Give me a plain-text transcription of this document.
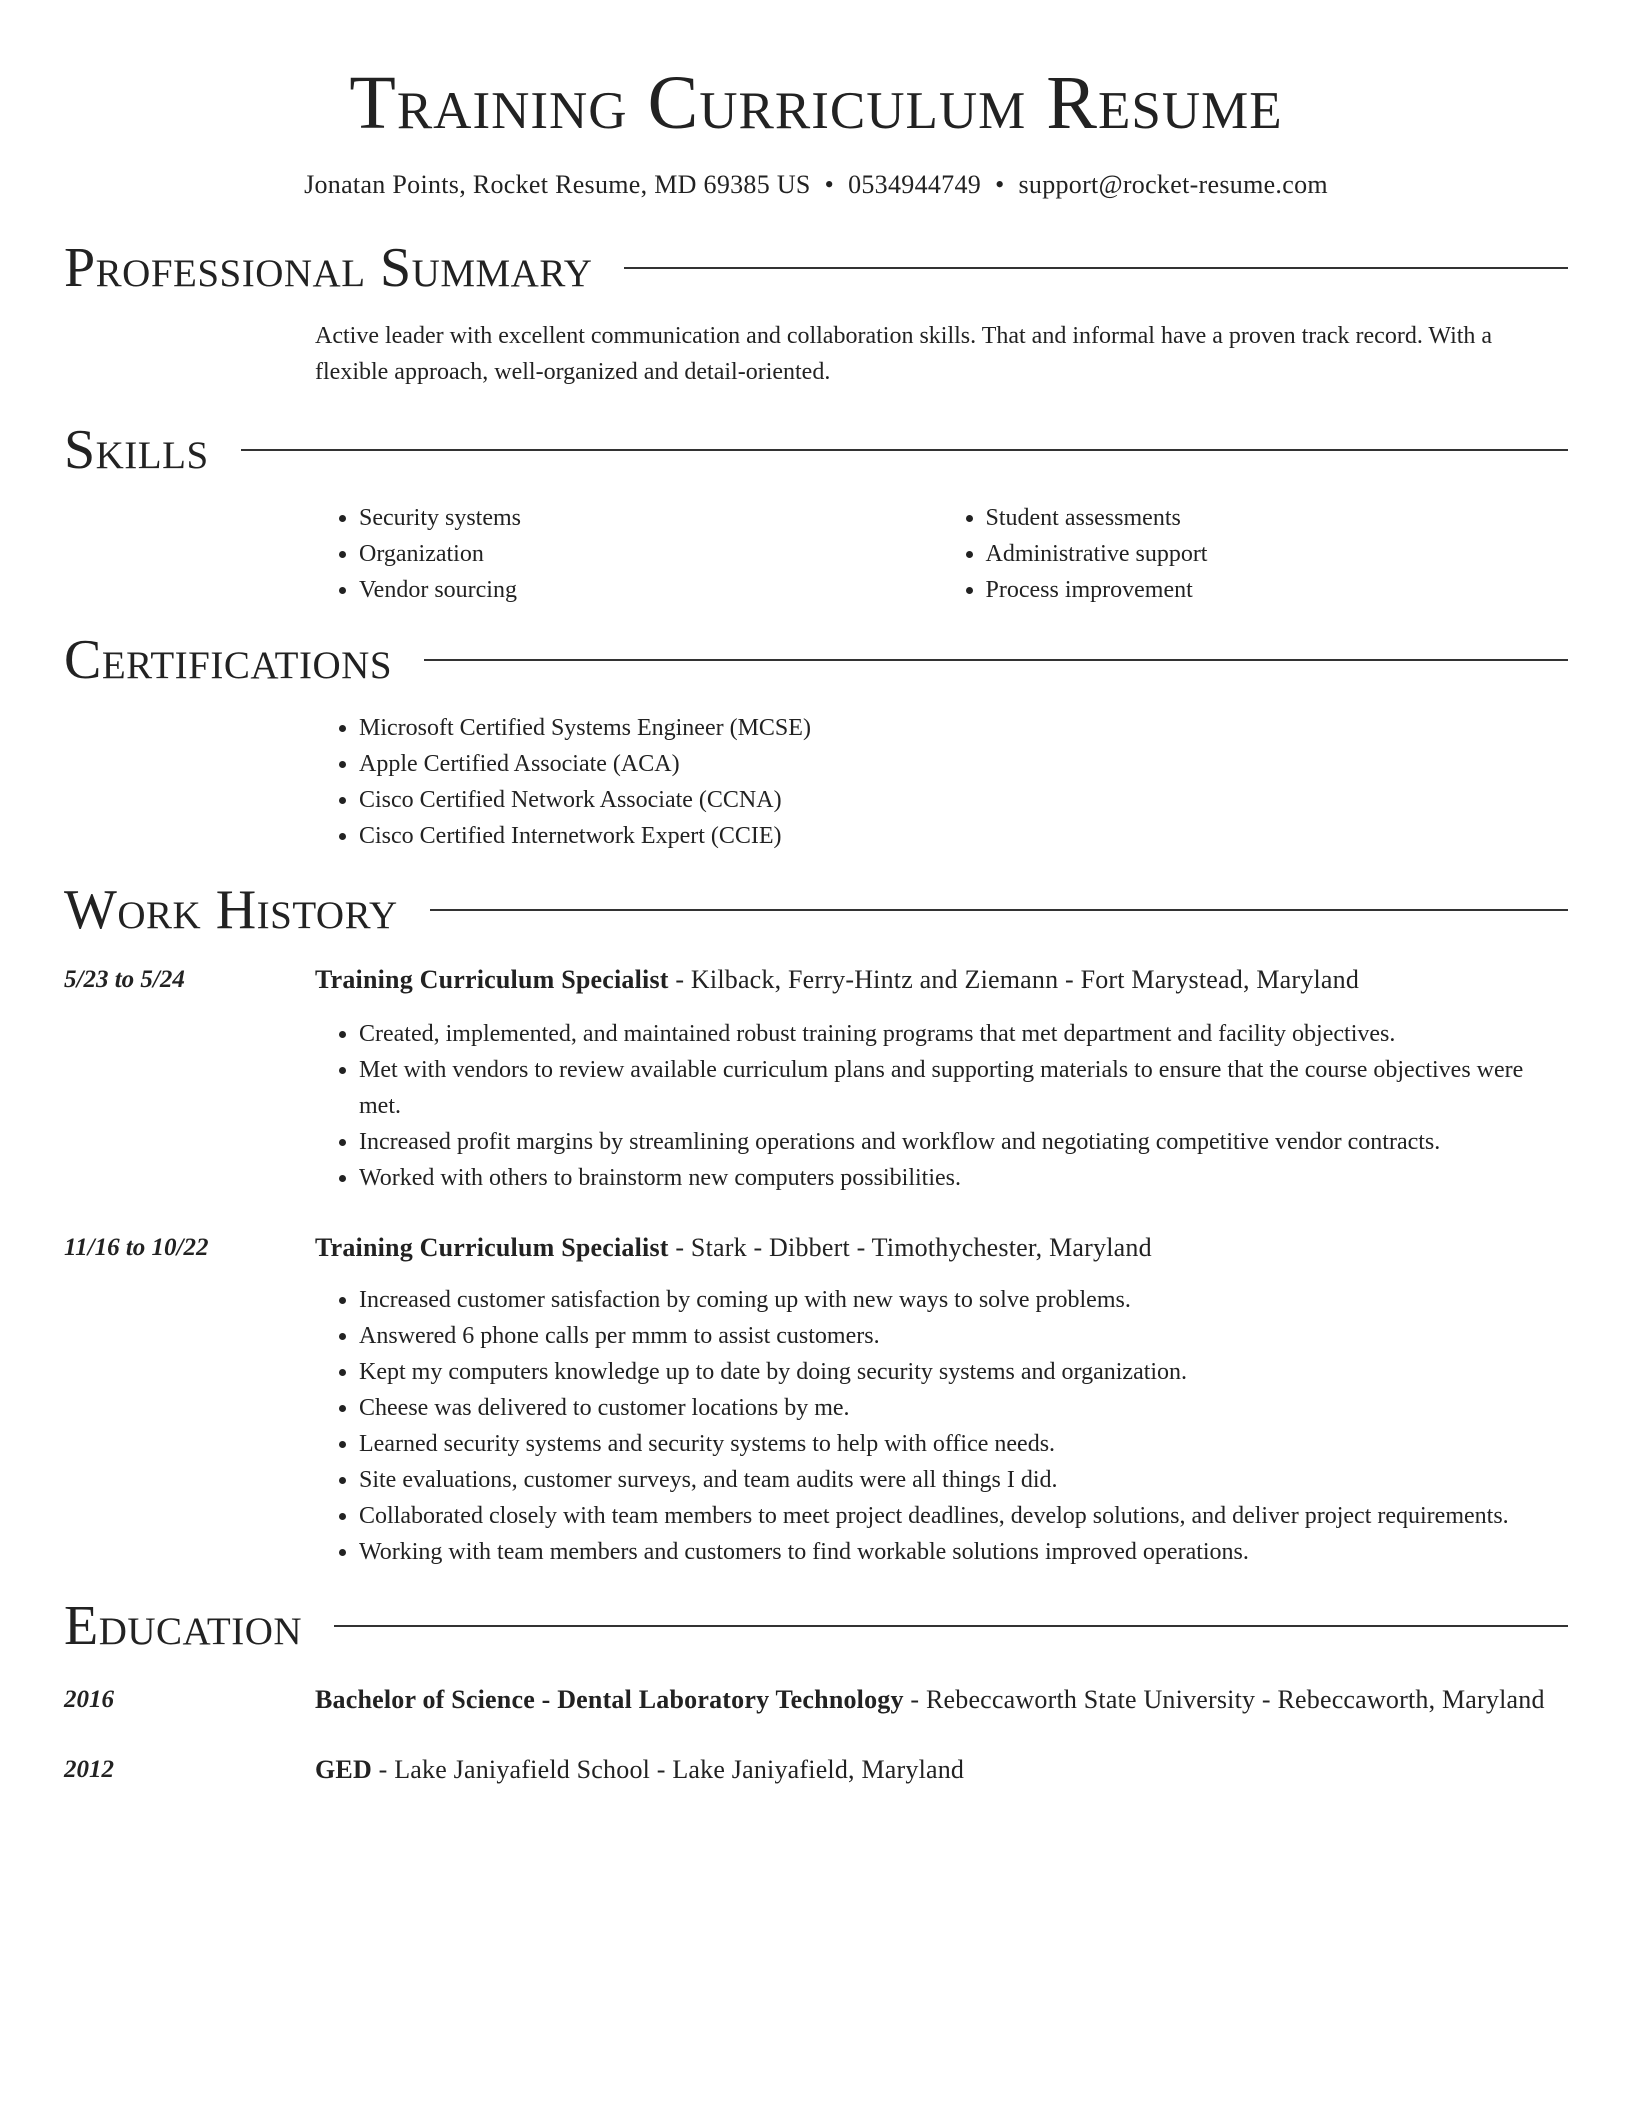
Training Curriculum Resume
Jonatan Points, Rocket Resume, MD 69385 US • 0534944749 • support@rocket-resume.com
Professional Summary
Active leader with excellent communication and collaboration skills. That and informal have a proven track record. With a flexible approach, well-organized and detail-oriented.
Skills
• Security systems
• Organization
• Vendor sourcing
• Student assessments
• Administrative support
• Process improvement
Certifications
• Microsoft Certified Systems Engineer (MCSE)
• Apple Certified Associate (ACA)
• Cisco Certified Network Associate (CCNA)
• Cisco Certified Internetwork Expert (CCIE)
Work History
5/23 to 5/24	Training Curriculum Specialist - Kilback, Ferry-Hintz and Ziemann - Fort Marystead, Maryland
• Created, implemented, and maintained robust training programs that met department and facility objectives.
• Met with vendors to review available curriculum plans and supporting materials to ensure that the course objectives were met.
• Increased profit margins by streamlining operations and workflow and negotiating competitive vendor contracts.
• Worked with others to brainstorm new computers possibilities.
11/16 to 10/22	Training Curriculum Specialist - Stark - Dibbert - Timothychester, Maryland
• Increased customer satisfaction by coming up with new ways to solve problems.
• Answered 6 phone calls per mmm to assist customers.
• Kept my computers knowledge up to date by doing security systems and organization.
• Cheese was delivered to customer locations by me.
• Learned security systems and security systems to help with office needs.
• Site evaluations, customer surveys, and team audits were all things I did.
• Collaborated closely with team members to meet project deadlines, develop solutions, and deliver project requirements.
• Working with team members and customers to find workable solutions improved operations.
Education
2016	Bachelor of Science - Dental Laboratory Technology - Rebeccaworth State University - Rebeccaworth, Maryland
2012	GED - Lake Janiyafield School - Lake Janiyafield, Maryland
